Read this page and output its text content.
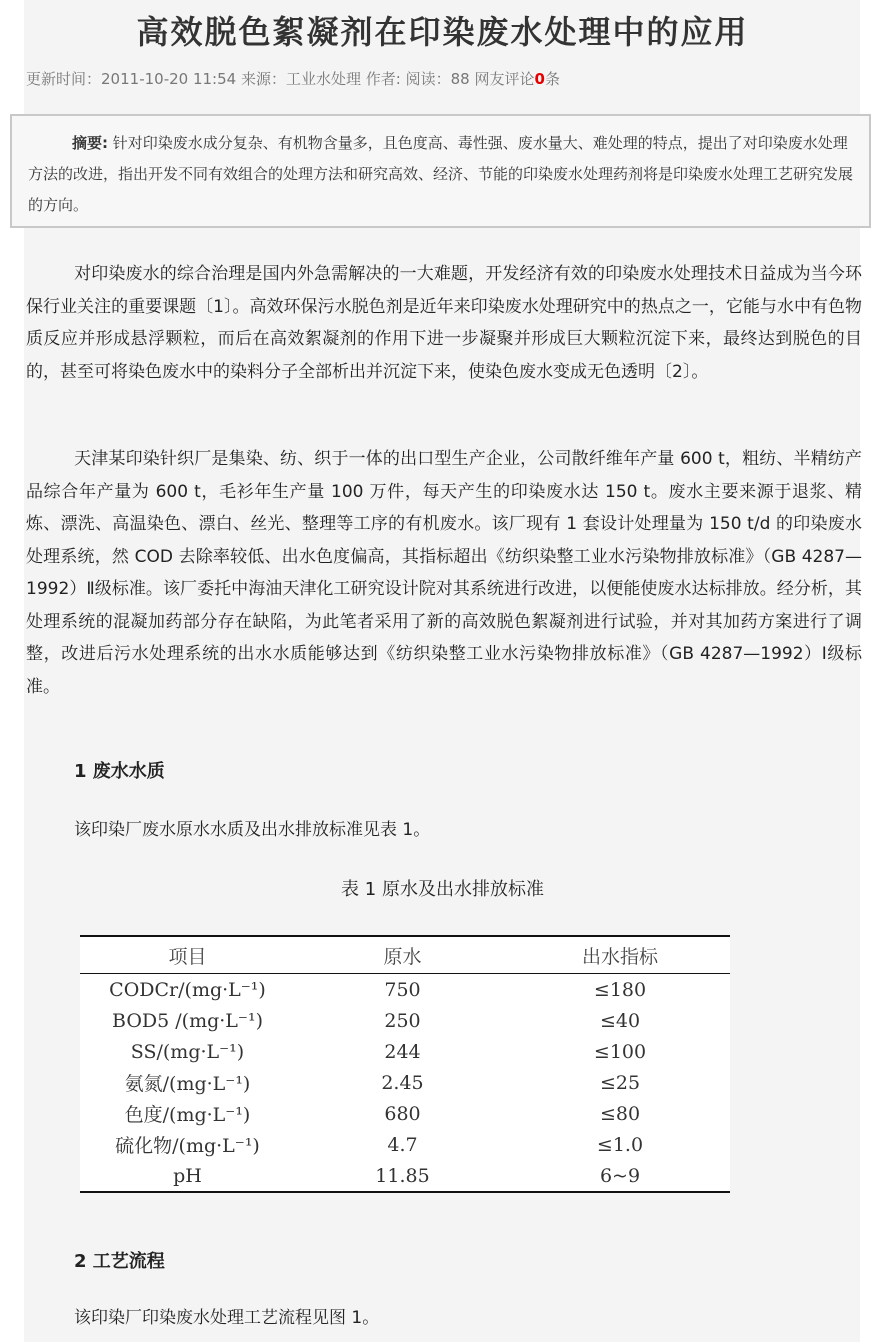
高效脱色絮凝剂在印染废水处理中的应用
更新时间：2011-10-20 11:54 来源：工业水处理 作者: 阅读：88 网友评论0条
摘要: 针对印染废水成分复杂、有机物含量多，且色度高、毒性强、废水量大、难处理的特点，提出了对印染废水处理方法的改进，指出开发不同有效组合的处理方法和研究高效、经济、节能的印染废水处理药剂将是印染废水处理工艺研究发展的方向。
对印染废水的综合治理是国内外急需解决的一大难题，开发经济有效的印染废水处理技术日益成为当今环保行业关注的重要课题〔1〕。高效环保污水脱色剂是近年来印染废水处理研究中的热点之一，它能与水中有色物质反应并形成悬浮颗粒，而后在高效絮凝剂的作用下进一步凝聚并形成巨大颗粒沉淀下来，最终达到脱色的目的，甚至可将染色废水中的染料分子全部析出并沉淀下来，使染色废水变成无色透明〔2〕。
天津某印染针织厂是集染、纺、织于一体的出口型生产企业，公司散纤维年产量 600 t，粗纺、半精纺产品综合年产量为 600 t，毛衫年生产量 100 万件，每天产生的印染废水达 150 t。废水主要来源于退浆、精炼、漂洗、高温染色、漂白、丝光、整理等工序的有机废水。该厂现有 1 套设计处理量为 150 t/d 的印染废水处理系统，然 COD 去除率较低、出水色度偏高，其指标超出《纺织染整工业水污染物排放标准》（GB 4287—1992）Ⅱ级标准。该厂委托中海油天津化工研究设计院对其系统进行改进，以便能使废水达标排放。经分析，其处理系统的混凝加药部分存在缺陷，为此笔者采用了新的高效脱色絮凝剂进行试验，并对其加药方案进行了调整，改进后污水处理系统的出水水质能够达到《纺织染整工业水污染物排放标准》（GB 4287—1992）Ⅰ级标准。
1 废水水质
该印染厂废水原水水质及出水排放标准见表 1。
表 1 原水及出水排放标准
项目	原水	出水指标
CODCr/(mg·L⁻¹)	750	≤180
BOD5 /(mg·L⁻¹)	250	≤40
SS/(mg·L⁻¹)	244	≤100
氨氮/(mg·L⁻¹)	2.45	≤25
色度/(mg·L⁻¹)	680	≤80
硫化物/(mg·L⁻¹)	4.7	≤1.0
pH	11.85	6~9
2 工艺流程
该印染厂印染废水处理工艺流程见图 1。
